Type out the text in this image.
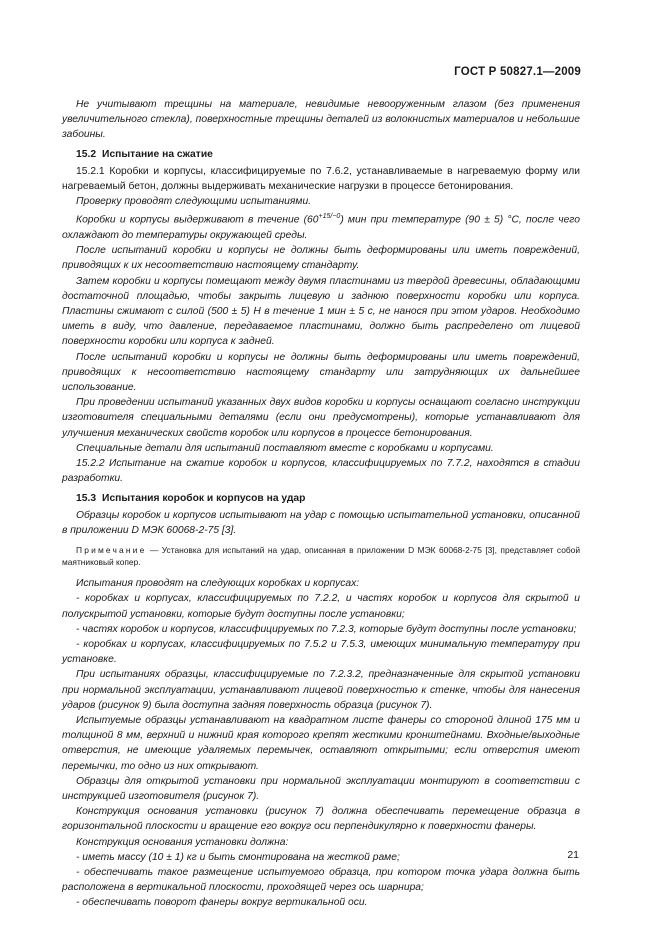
ГОСТ Р 50827.1—2009

Не учитывают трещины на материале, невидимые невооруженным глазом (без применения увеличительного стекла), поверхностные трещины деталей из волокнистых материалов и небольшие забоины.

15.2 Испытание на сжатие

15.2.1 Коробки и корпусы, классифицируемые по 7.6.2, устанавливаемые в нагреваемую форму или нагреваемый бетон, должны выдерживать механические нагрузки в процессе бетонирования.

Проверку проводят следующими испытаниями.

Коробки и корпусы выдерживают в течение $(60^{+15/-0})$ мин при температуре (90 ± 5) °С, после чего охлаждают до температуры окружающей среды.

После испытаний коробки и корпусы не должны быть деформированы или иметь повреждений, приводящих к их несоответствию настоящему стандарту.

Затем коробки и корпусы помещают между двумя пластинами из твердой древесины, обладающими достаточной площадью, чтобы закрыть лицевую и заднюю поверхности коробки или корпуса. Пластины сжимают с силой (500 ± 5) Н в течение 1 мин ± 5 с, не нанося при этом ударов. Необходимо иметь в виду, что давление, передаваемое пластинами, должно быть распределено от лицевой поверхности коробки или корпуса к задней.

После испытаний коробки и корпусы не должны быть деформированы или иметь повреждений, приводящих к несоответствию настоящему стандарту или затрудняющих их дальнейшее использование.

При проведении испытаний указанных двух видов коробки и корпусы оснащают согласно инструкции изготовителя специальными деталями (если они предусмотрены), которые устанавливают для улучшения механических свойств коробок или корпусов в процессе бетонирования.

Специальные детали для испытаний поставляют вместе с коробками и корпусами.

15.2.2 Испытание на сжатие коробок и корпусов, классифицируемых по 7.7.2, находятся в стадии разработки.

15.3 Испытания коробок и корпусов на удар

Образцы коробок и корпусов испытывают на удар с помощью испытательной установки, описанной в приложении D МЭК 60068-2-75 [3].

Примечание — Установка для испытаний на удар, описанная в приложении D МЭК 60068-2-75 [3], представляет собой маятниковый копер.

Испытания проводят на следующих коробках и корпусах:

- коробках и корпусах, классифицируемых по 7.2.2, и частях коробок и корпусов для скрытой и полускрытой установки, которые будут доступны после установки;

- частях коробок и корпусов, классифицируемых по 7.2.3, которые будут доступны после установки;

- коробках и корпусах, классифицируемых по 7.5.2 и 7.5.3, имеющих минимальную температуру при установке.

При испытаниях образцы, классифицируемые по 7.2.3.2, предназначенные для скрытой установки при нормальной эксплуатации, устанавливают лицевой поверхностью к стенке, чтобы для нанесения ударов (рисунок 9) была доступна задняя поверхность образца (рисунок 7).

Испытуемые образцы устанавливают на квадратном листе фанеры со стороной длиной 175 мм и толщиной 8 мм, верхний и нижний края которого крепят жесткими кронштейнами. Входные/выходные отверстия, не имеющие удаляемых перемычек, оставляют открытыми; если отверстия имеют перемычки, то одно из них открывают.

Образцы для открытой установки при нормальной эксплуатации монтируют в соответствии с инструкцией изготовителя (рисунок 7).

Конструкция основания установки (рисунок 7) должна обеспечивать перемещение образца в горизонтальной плоскости и вращение его вокруг оси перпендикулярно к поверхности фанеры.

Конструкция основания установки должна:

- иметь массу (10 ± 1) кг и быть смонтирована на жесткой раме;

- обеспечивать такое размещение испытуемого образца, при котором точка удара должна быть расположена в вертикальной плоскости, проходящей через ось шарнира;

- обеспечивать поворот фанеры вокруг вертикальной оси.

21
